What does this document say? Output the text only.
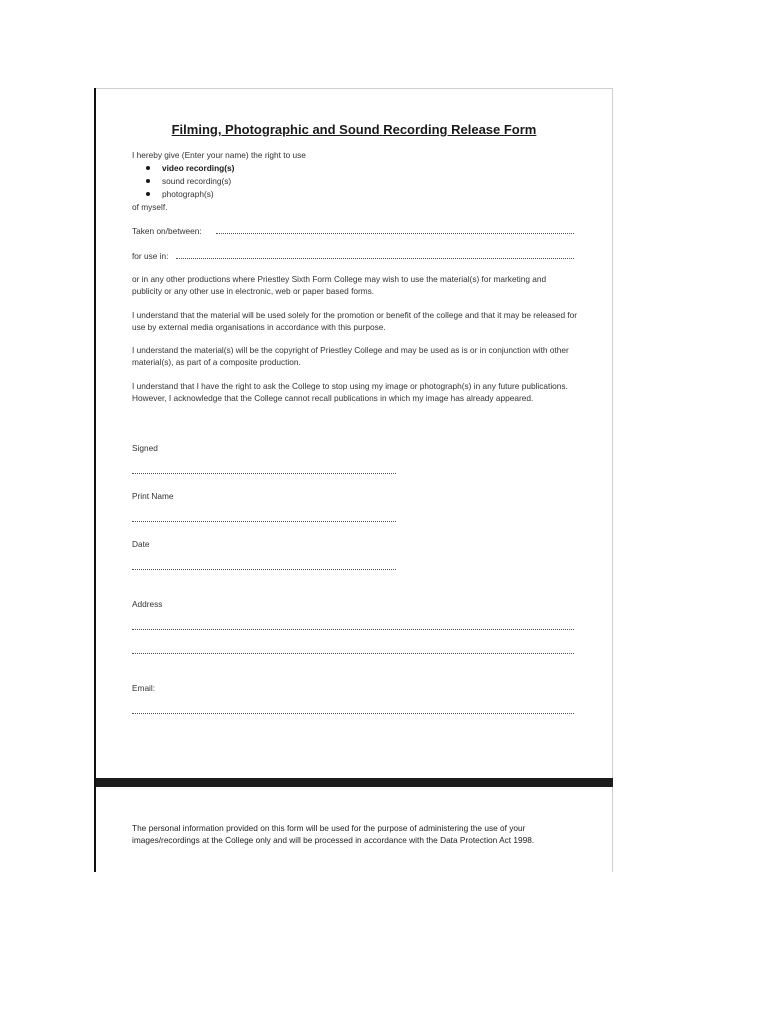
Filming, Photographic and Sound Recording Release Form
I hereby give (Enter your name) the right to use
video recording(s)
sound recording(s)
photograph(s)
of myself.
Taken on/between:
for use in:
or in any other productions where Priestley Sixth Form College may wish to use the material(s) for marketing and publicity or any other use in electronic, web or paper based forms.
I understand that the material will be used solely for the promotion or benefit of the college and that it may be released for use by external media organisations in accordance with this purpose.
I understand the material(s) will be the copyright of Priestley College and may be used as is or in conjunction with other material(s), as part of a composite production.
I understand that I have the right to ask the College to stop using my image or photograph(s) in any future publications. However, I acknowledge that the College cannot recall publications in which my image has already appeared.
Signed
Print Name
Date
Address
Email:
The personal information provided on this form will be used for the purpose of administering the use of your images/recordings at the College only and will be processed in accordance with the Data Protection Act 1998.
